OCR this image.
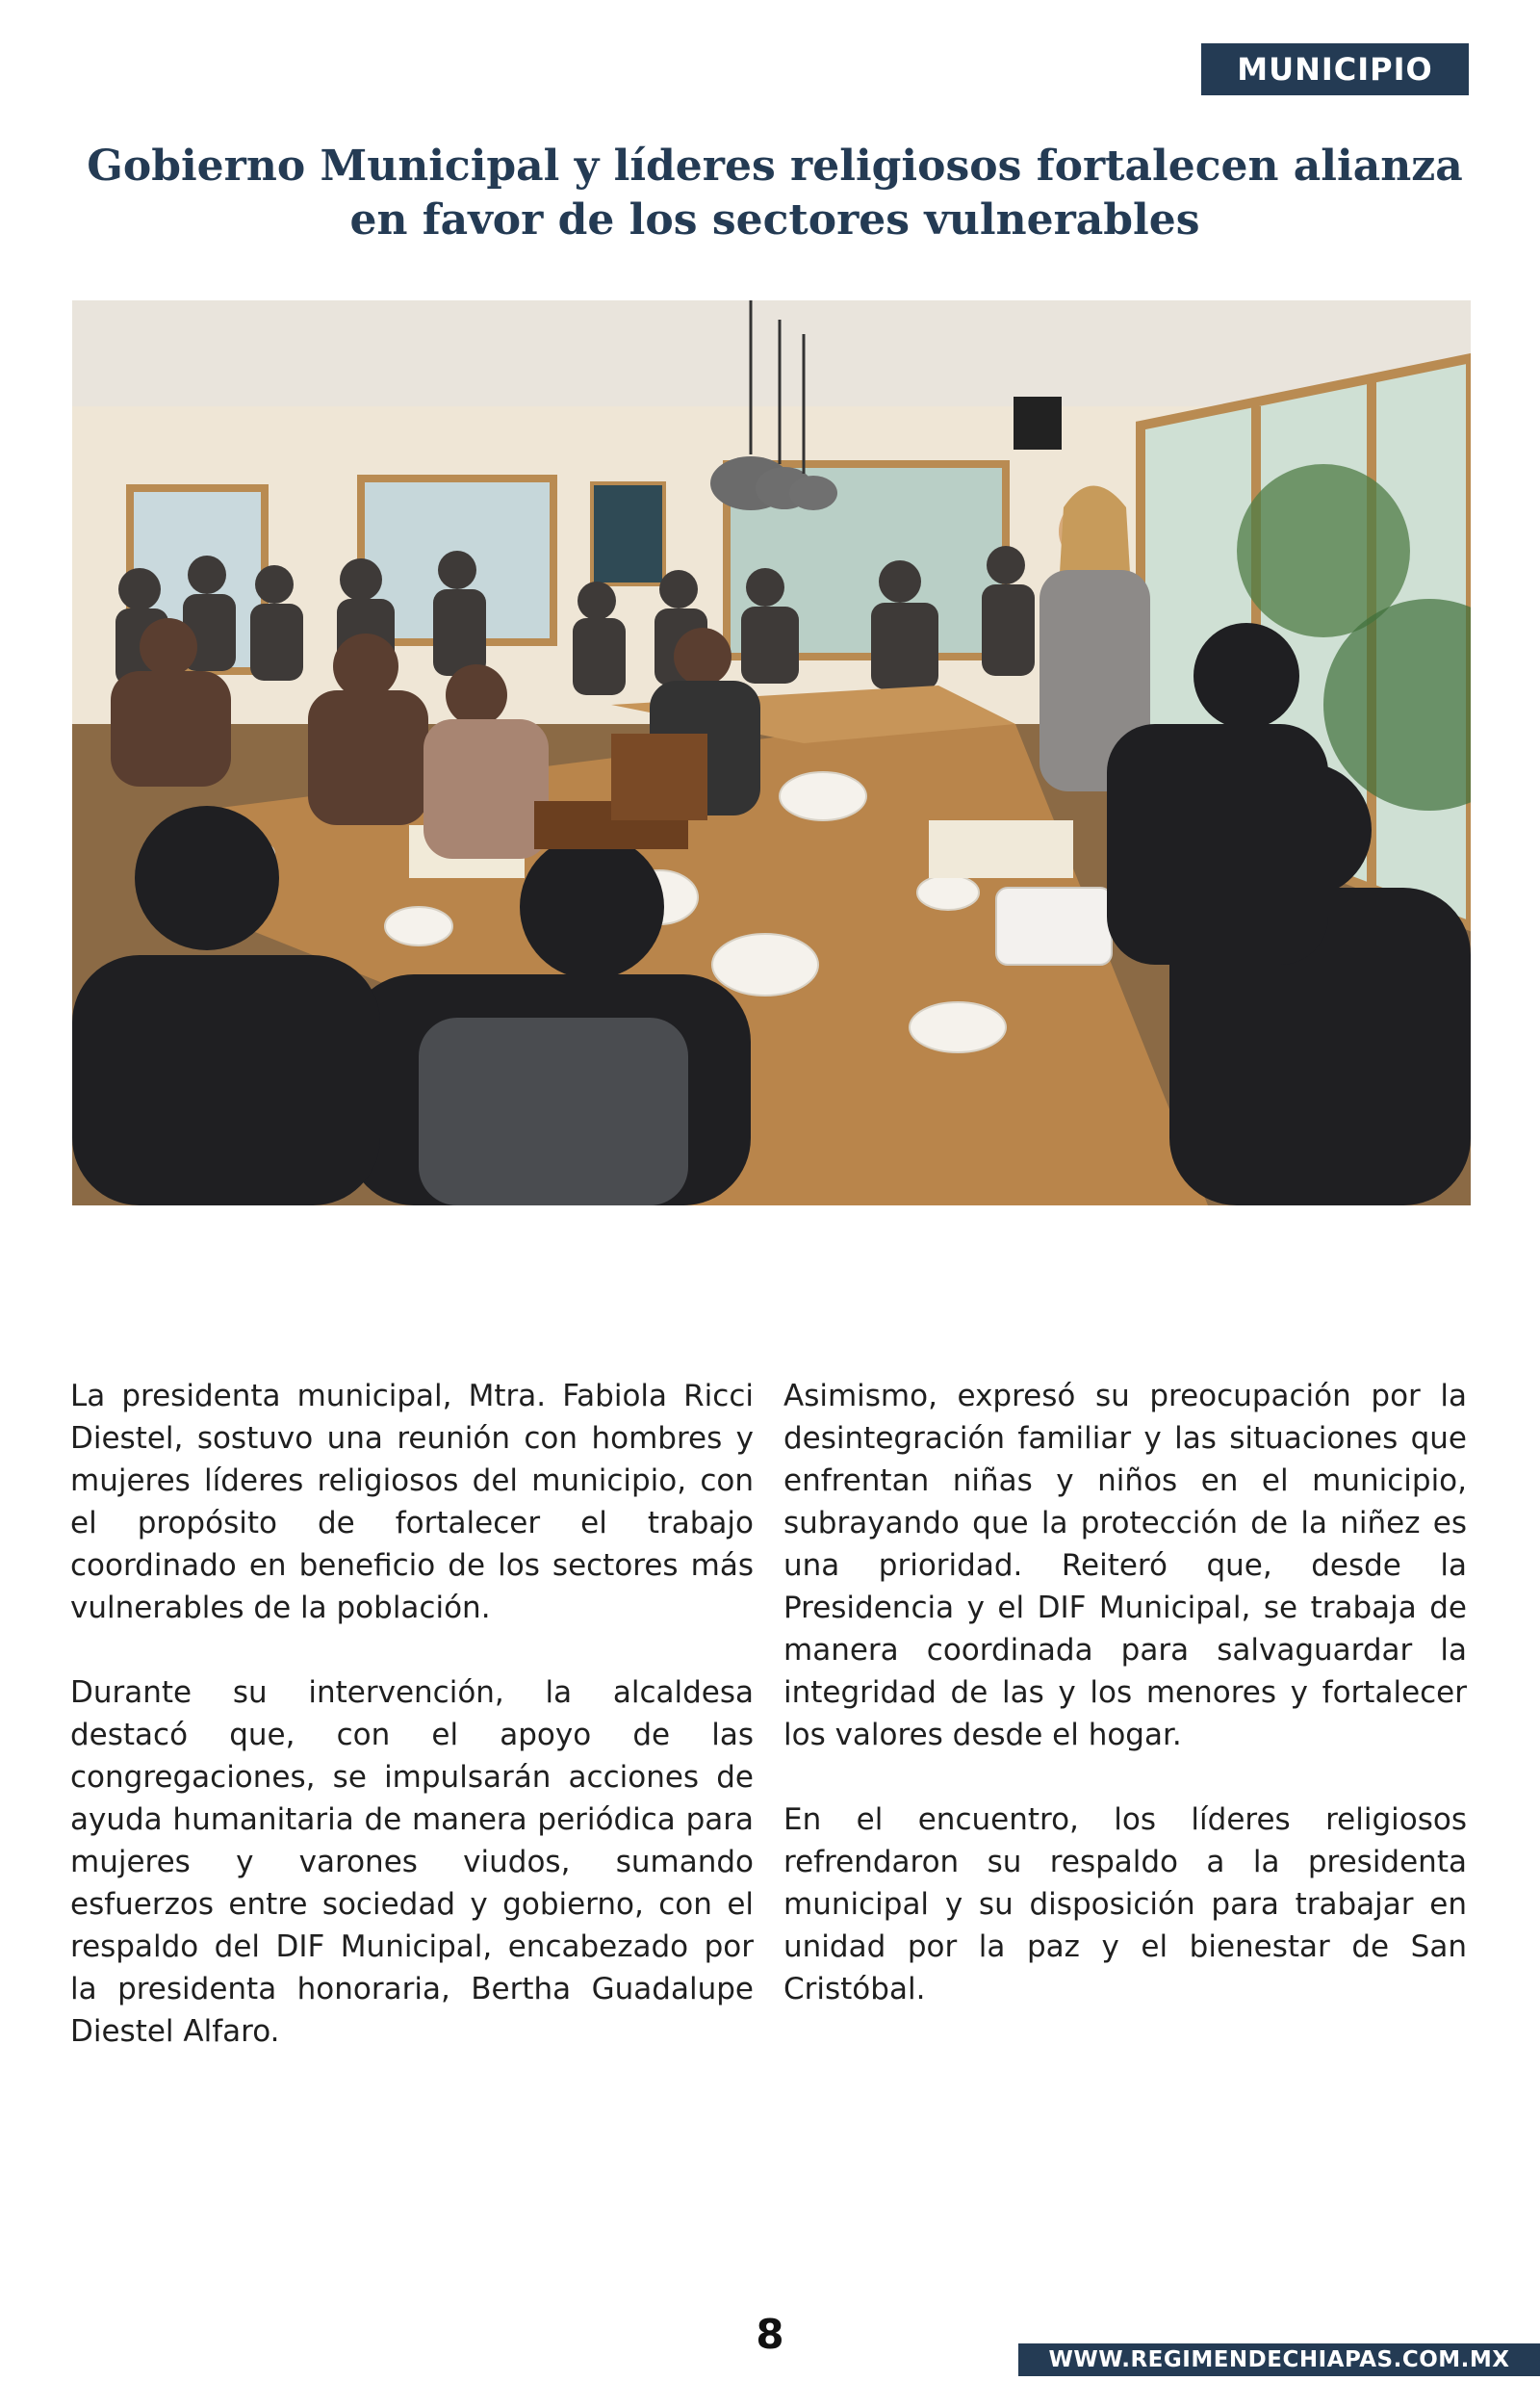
MUNICIPIO
Gobierno Municipal y líderes religiosos fortalecen alianza en favor de los sectores vulnerables

La presidenta municipal, Mtra. Fabiola Ricci Diestel, sostuvo una reunión con hombres y mujeres líderes religiosos del municipio, con el propósito de fortalecer el trabajo coordinado en beneficio de los sectores más vulnerables de la población.

Durante su intervención, la alcaldesa destacó que, con el apoyo de las congregaciones, se impulsarán acciones de ayuda humanitaria de manera periódica para mujeres y varones viudos, sumando esfuerzos entre sociedad y gobierno, con el respaldo del DIF Municipal, encabezado por la presidenta honoraria, Bertha Guadalupe Diestel Alfaro.

Asimismo, expresó su preocupación por la desintegración familiar y las situaciones que enfrentan niñas y niños en el municipio, subrayando que la protección de la niñez es una prioridad. Reiteró que, desde la Presidencia y el DIF Municipal, se trabaja de manera coordinada para salvaguardar la integridad de las y los menores y fortalecer los valores desde el hogar.

En el encuentro, los líderes religiosos refrendaron su respaldo a la presidenta municipal y su disposición para trabajar en unidad por la paz y el bienestar de San Cristóbal.

8
WWW.REGIMENDECHIAPAS.COM.MX
